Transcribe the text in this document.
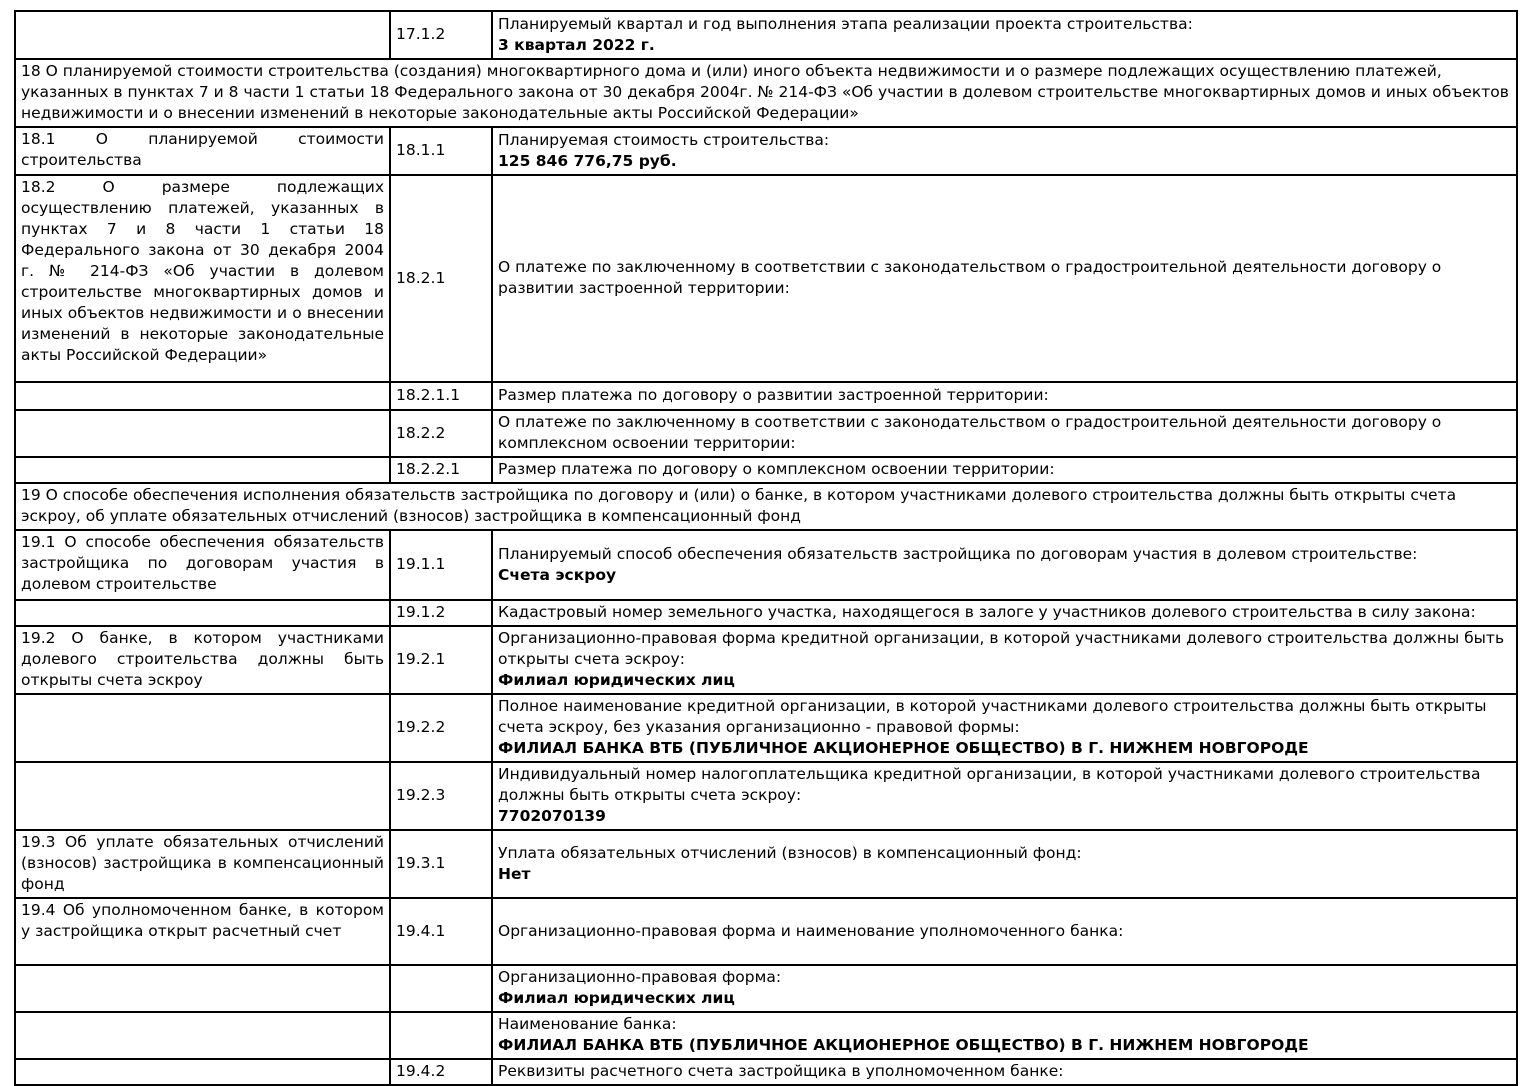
	17.1.2	Планируемый квартал и год выполнения этапа реализации проекта строительства:
3 квартал 2022 г.

18 О планируемой стоимости строительства (создания) многоквартирного дома и (или) иного объекта недвижимости и о размере подлежащих осуществлению платежей, указанных в пунктах 7 и 8 части 1 статьи 18 Федерального закона от 30 декабря 2004г. № 214-ФЗ «Об участии в долевом строительстве многоквартирных домов и иных объектов недвижимости и о внесении изменений в некоторые законодательные акты Российской Федерации»		
18.1 О планируемой стоимости строительства	18.1.1	Планируемая стоимость строительства:
125 846 776,75 руб.

18.2 О размере подлежащих осуществлению платежей, указанных в пунктах 7 и 8 части 1 статьи 18 Федерального закона от 30 декабря 2004 г. № 214-ФЗ «Об участии в долевом строительстве многоквартирных домов и иных объектов недвижимости и о внесении изменений в некоторые законодательные акты Российской Федерации»	18.2.1	О платеже по заключенному в соответствии с законодательством о градостроительной деятельности договору о развитии застроенной территории:

	18.2.1.1	Размер платежа по договору о развитии застроенной территории:

	18.2.2	О платеже по заключенному в соответствии с законодательством о градостроительной деятельности договору о комплексном освоении территории:

	18.2.2.1	Размер платежа по договору о комплексном освоении территории:

19 О способе обеспечения исполнения обязательств застройщика по договору и (или) о банке, в котором участниками долевого строительства должны быть открыты счета эскроу, об уплате обязательных отчислений (взносов) застройщика в компенсационный фонд		
19.1 О способе обеспечения обязательств застройщика по договорам участия в долевом строительстве	19.1.1	Планируемый способ обеспечения обязательств застройщика по договорам участия в долевом строительстве:
Счета эскроу

	19.1.2	Кадастровый номер земельного участка, находящегося в залоге у участников долевого строительства в силу закона:

19.2 О банке, в котором участниками долевого строительства должны быть открыты счета эскроу	19.2.1	Организационно-правовая форма кредитной организации, в которой участниками долевого строительства должны быть открыты счета эскроу:
Филиал юридических лиц

	19.2.2	Полное наименование кредитной организации, в которой участниками долевого строительства должны быть открыты счета эскроу, без указания организационно - правовой формы:
ФИЛИАЛ БАНКА ВТБ (ПУБЛИЧНОЕ АКЦИОНЕРНОЕ ОБЩЕСТВО) В Г. НИЖНЕМ НОВГОРОДЕ

	19.2.3	Индивидуальный номер налогоплательщика кредитной организации, в которой участниками долевого строительства должны быть открыты счета эскроу:
7702070139

19.3 Об уплате обязательных отчислений (взносов) застройщика в компенсационный фонд	19.3.1	Уплата обязательных отчислений (взносов) в компенсационный фонд:
Нет

19.4 Об уполномоченном банке, в котором у застройщика открыт расчетный счет	19.4.1	Организационно-правовая форма и наименование уполномоченного банка:

		Организационно-правовая форма:
Филиал юридических лиц

		Наименование банка:
ФИЛИАЛ БАНКА ВТБ (ПУБЛИЧНОЕ АКЦИОНЕРНОЕ ОБЩЕСТВО) В Г. НИЖНЕМ НОВГОРОДЕ

	19.4.2	Реквизиты расчетного счета застройщика в уполномоченном банке:
